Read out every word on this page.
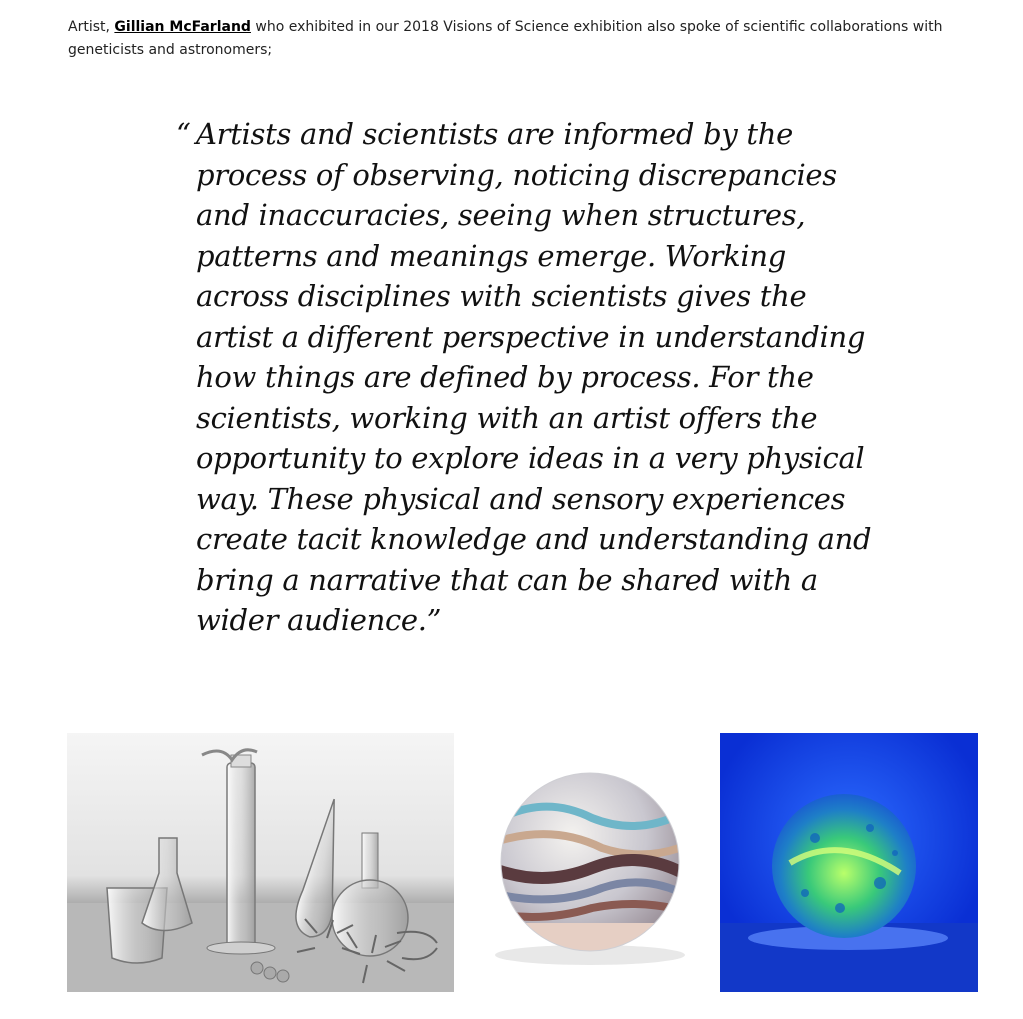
Artist, Gillian McFarland who exhibited in our 2018 Visions of Science exhibition also spoke of scientific collaborations with geneticists and astronomers;
“ Artists and scientists are informed by the process of observing, noticing discrepancies and inaccuracies, seeing when structures, patterns and meanings emerge. Working across disciplines with scientists gives the artist a different perspective in understanding how things are defined by process. For the scientists, working with an artist offers the opportunity to explore ideas in a very physical way. These physical and sensory experiences create tacit knowledge and understanding and bring a narrative that can be shared with a wider audience.”
